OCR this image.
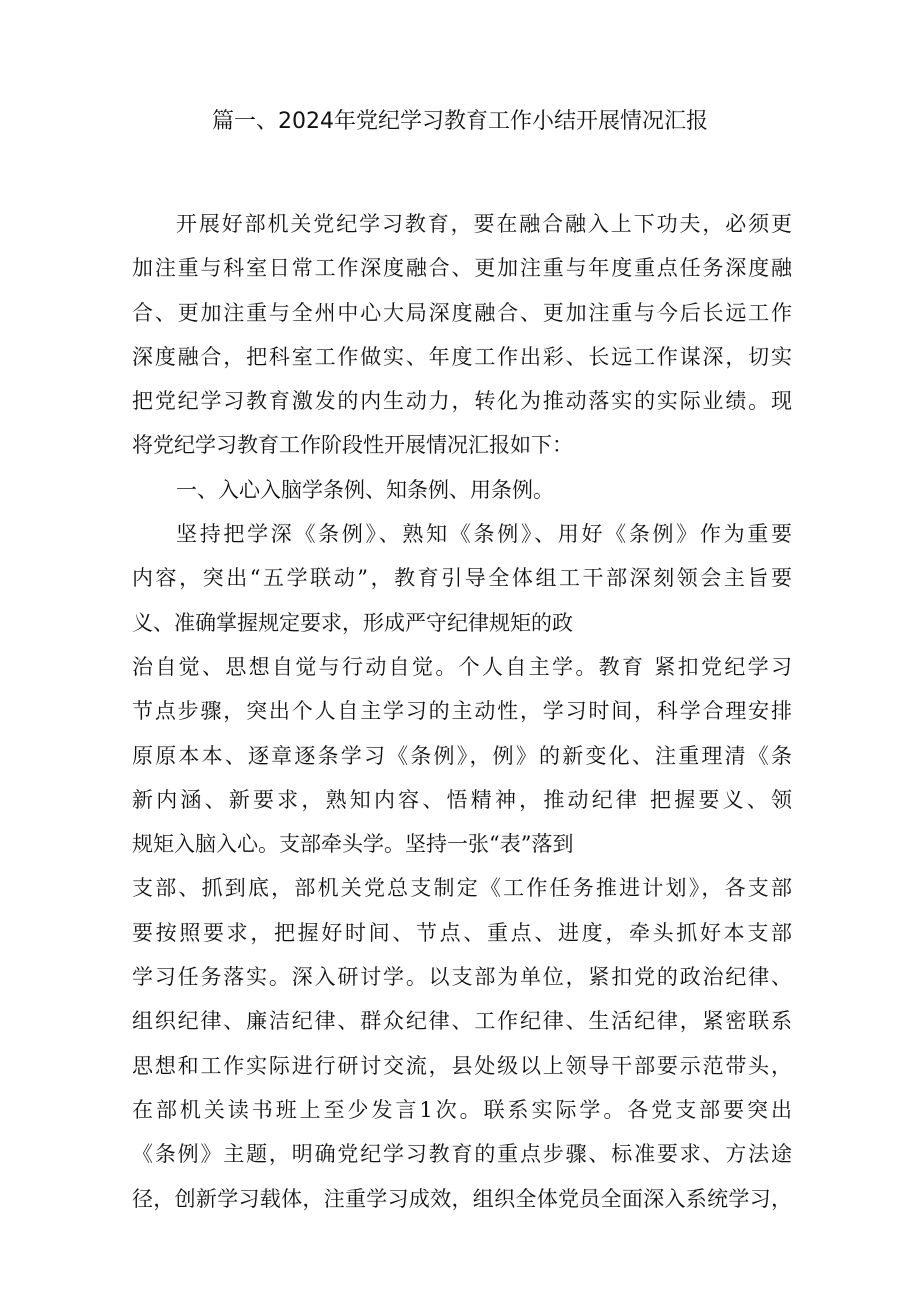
篇一、2024年党纪学习教育工作小结开展情况汇报
开展好部机关党纪学习教育，要在融合融入上下功夫，必须更
加注重与科室日常工作深度融合、更加注重与年度重点任务深度融
合、更加注重与全州中心大局深度融合、更加注重与今后长远工作
深度融合，把科室工作做实、年度工作出彩、长远工作谋深，切实
把党纪学习教育激发的内生动力，转化为推动落实的实际业绩。现
将党纪学习教育工作阶段性开展情况汇报如下：
一、入心入脑学条例、知条例、用条例。
坚持把学深《条例》、熟知《条例》、用好《条例》作为重要
内容，突出“五学联动”，教育引导全体组工干部深刻领会主旨要
义、准确掌握规定要求，形成严守纪律规矩的政
治自觉、思想自觉与行动自觉。个人自主学。教育 紧扣党纪学习
节点步骤，突出个人自主学习的主动性，学习时间，科学合理安排
原原本本、逐章逐条学习《条例》，例》的新变化、注重理清《条
新内涵、新要求，熟知内容、悟精神，推动纪律 把握要义、领
规矩入脑入心。支部牵头学。坚持一张“表”落到
支部、抓到底，部机关党总支制定《工作任务推进计划》，各支部
要按照要求，把握好时间、节点、重点、进度，牵头抓好本支部
学习任务落实。深入研讨学。以支部为单位，紧扣党的政治纪律、
组织纪律、廉洁纪律、群众纪律、工作纪律、生活纪律，紧密联系
思想和工作实际进行研讨交流，县处级以上领导干部要示范带头，
在部机关读书班上至少发言1次。联系实际学。各党支部要突出
《条例》主题，明确党纪学习教育的重点步骤、标准要求、方法途
径，创新学习载体，注重学习成效，组织全体党员全面深入系统学习，
